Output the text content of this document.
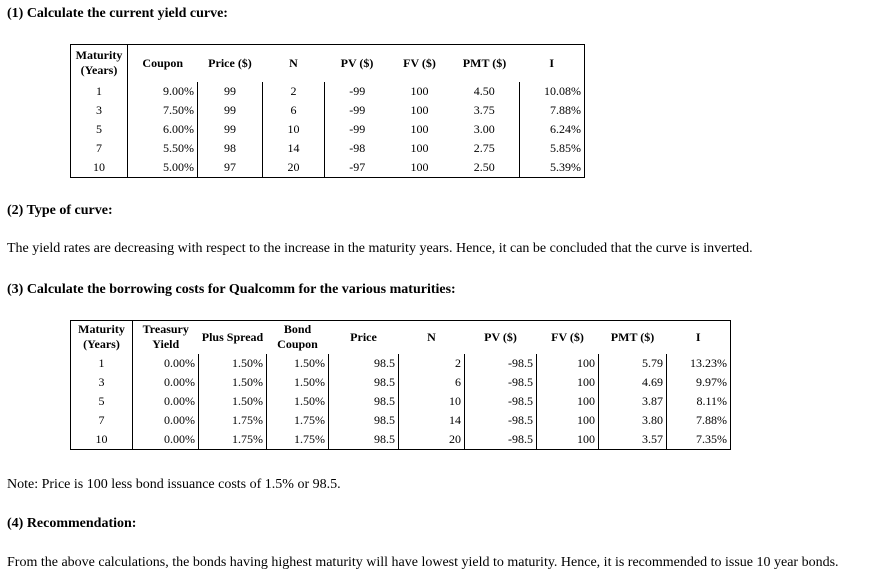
(1) Calculate the current yield curve:
Maturity (Years)	Coupon	Price ($)	N	PV ($)	FV ($)	PMT ($)	I
1	9.00%	99	2	-99	100	4.50	10.08%
3	7.50%	99	6	-99	100	3.75	7.88%
5	6.00%	99	10	-99	100	3.00	6.24%
7	5.50%	98	14	-98	100	2.75	5.85%
10	5.00%	97	20	-97	100	2.50	5.39%
(2) Type of curve:
The yield rates are decreasing with respect to the increase in the maturity years. Hence, it can be concluded that the curve is inverted.
(3) Calculate the borrowing costs for Qualcomm for the various maturities:
Maturity (Years)	Treasury Yield	Plus Spread	Bond Coupon	Price	N	PV ($)	FV ($)	PMT ($)	I
1	0.00%	1.50%	1.50%	98.5	2	-98.5	100	5.79	13.23%
3	0.00%	1.50%	1.50%	98.5	6	-98.5	100	4.69	9.97%
5	0.00%	1.50%	1.50%	98.5	10	-98.5	100	3.87	8.11%
7	0.00%	1.75%	1.75%	98.5	14	-98.5	100	3.80	7.88%
10	0.00%	1.75%	1.75%	98.5	20	-98.5	100	3.57	7.35%
Note: Price is 100 less bond issuance costs of 1.5% or 98.5.
(4) Recommendation:
From the above calculations, the bonds having highest maturity will have lowest yield to maturity. Hence, it is recommended to issue 10 year bonds.
